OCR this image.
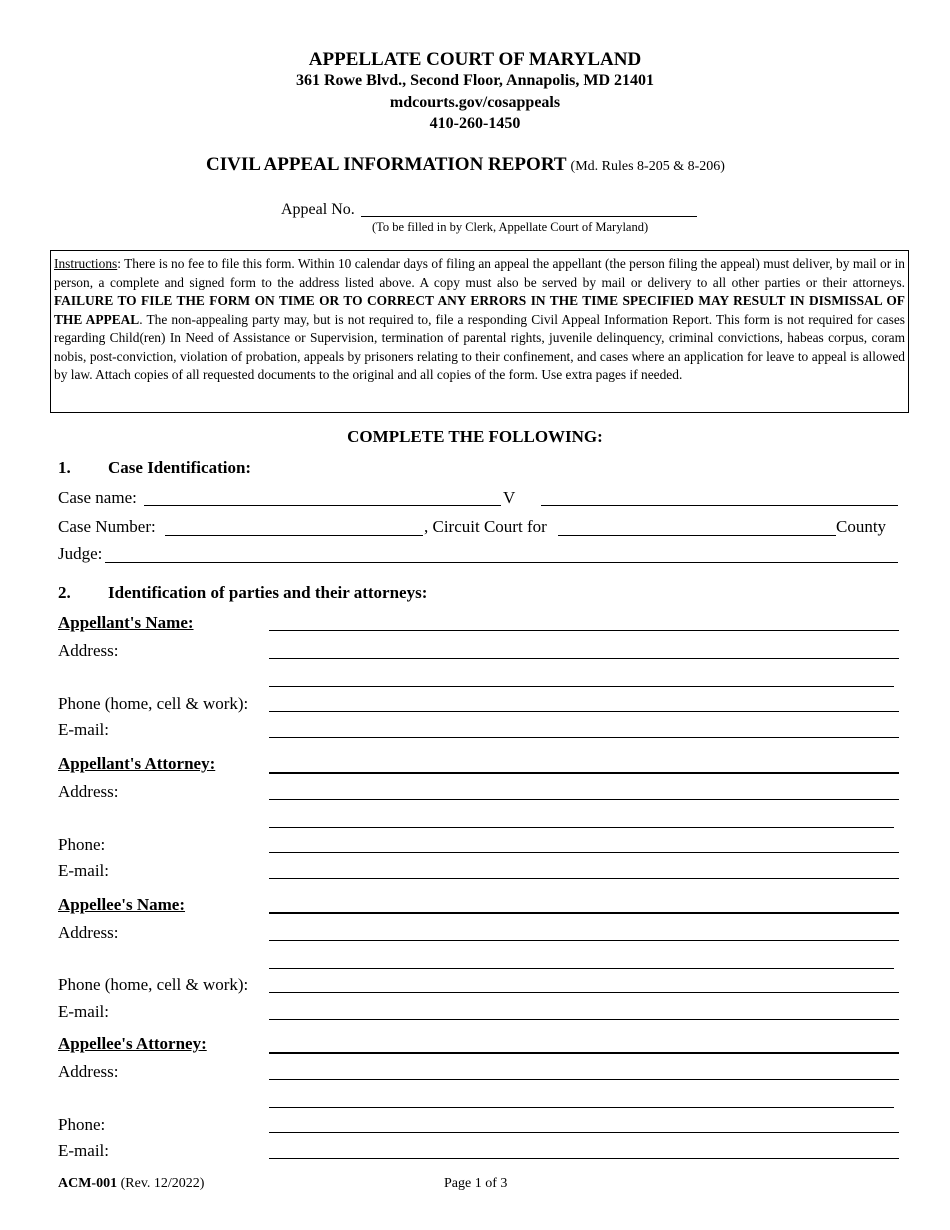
APPELLATE COURT OF MARYLAND
361 Rowe Blvd., Second Floor, Annapolis, MD 21401
mdcourts.gov/cosappeals
410-260-1450
CIVIL APPEAL INFORMATION REPORT (Md. Rules 8-205 & 8-206)
Appeal No.
(To be filled in by Clerk, Appellate Court of Maryland)
Instructions: There is no fee to file this form. Within 10 calendar days of filing an appeal the appellant (the person filing the appeal) must deliver, by mail or in person, a complete and signed form to the address listed above. A copy must also be served by mail or delivery to all other parties or their attorneys. FAILURE TO FILE THE FORM ON TIME OR TO CORRECT ANY ERRORS IN THE TIME SPECIFIED MAY RESULT IN DISMISSAL OF THE APPEAL. The non-appealing party may, but is not required to, file a responding Civil Appeal Information Report. This form is not required for cases regarding Child(ren) In Need of Assistance or Supervision, termination of parental rights, juvenile delinquency, criminal convictions, habeas corpus, coram nobis, post-conviction, violation of probation, appeals by prisoners relating to their confinement, and cases where an application for leave to appeal is allowed by law. Attach copies of all requested documents to the original and all copies of the form. Use extra pages if needed.
COMPLETE THE FOLLOWING:
1. Case Identification:
Case name:	V
Case Number:	, Circuit Court for	County
Judge:
2. Identification of parties and their attorneys:
Appellant's Name:
Address:
Phone (home, cell & work):
E-mail:
Appellant's Attorney:
Address:
Phone:
E-mail:
Appellee's Name:
Address:
Phone (home, cell & work):
E-mail:
Appellee's Attorney:
Address:
Phone:
E-mail:
ACM-001 (Rev. 12/2022)	Page 1 of 3
